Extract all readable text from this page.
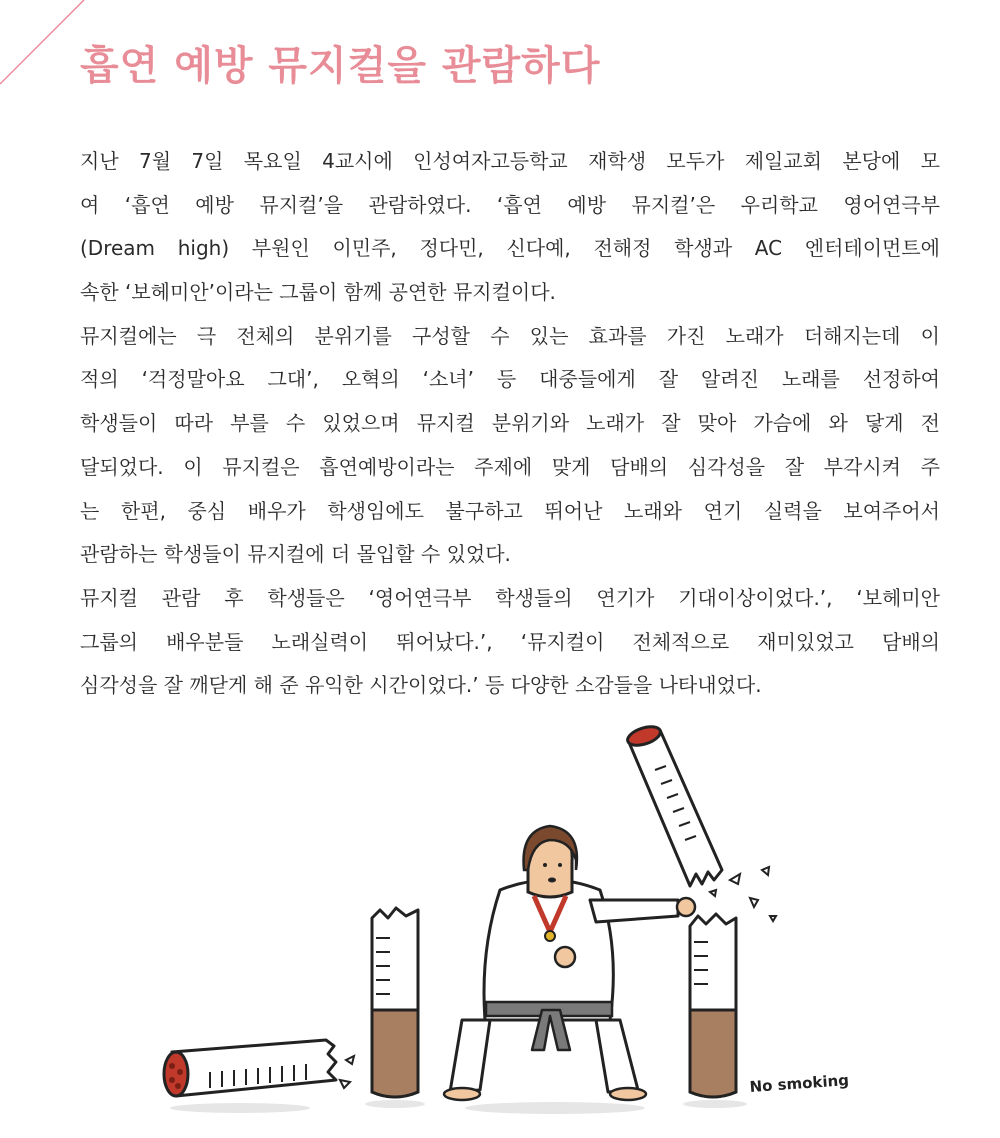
흡연 예방 뮤지컬을 관람하다
지난 7월 7일 목요일 4교시에 인성여자고등학교 재학생 모두가 제일교회 본당에 모
여 ‘흡연 예방 뮤지컬’을 관람하였다. ‘흡연 예방 뮤지컬’은 우리학교 영어연극부
(Dream high) 부원인 이민주, 정다민, 신다예, 전해정 학생과 AC 엔터테이먼트에
속한 ‘보헤미안’이라는 그룹이 함께 공연한 뮤지컬이다.
뮤지컬에는 극 전체의 분위기를 구성할 수 있는 효과를 가진 노래가 더해지는데 이
적의 ‘걱정말아요 그대’, 오혁의 ‘소녀’ 등 대중들에게 잘 알려진 노래를 선정하여
학생들이 따라 부를 수 있었으며 뮤지컬 분위기와 노래가 잘 맞아 가슴에 와 닿게 전
달되었다. 이 뮤지컬은 흡연예방이라는 주제에 맞게 담배의 심각성을 잘 부각시켜 주
는 한편, 중심 배우가 학생임에도 불구하고 뛰어난 노래와 연기 실력을 보여주어서
관람하는 학생들이 뮤지컬에 더 몰입할 수 있었다.
뮤지컬 관람 후 학생들은 ‘영어연극부 학생들의 연기가 기대이상이었다.’, ‘보헤미안
그룹의 배우분들 노래실력이 뛰어났다.’, ‘뮤지컬이 전체적으로 재미있었고 담배의
심각성을 잘 깨닫게 해 준 유익한 시간이었다.’ 등 다양한 소감들을 나타내었다.
No smoking
